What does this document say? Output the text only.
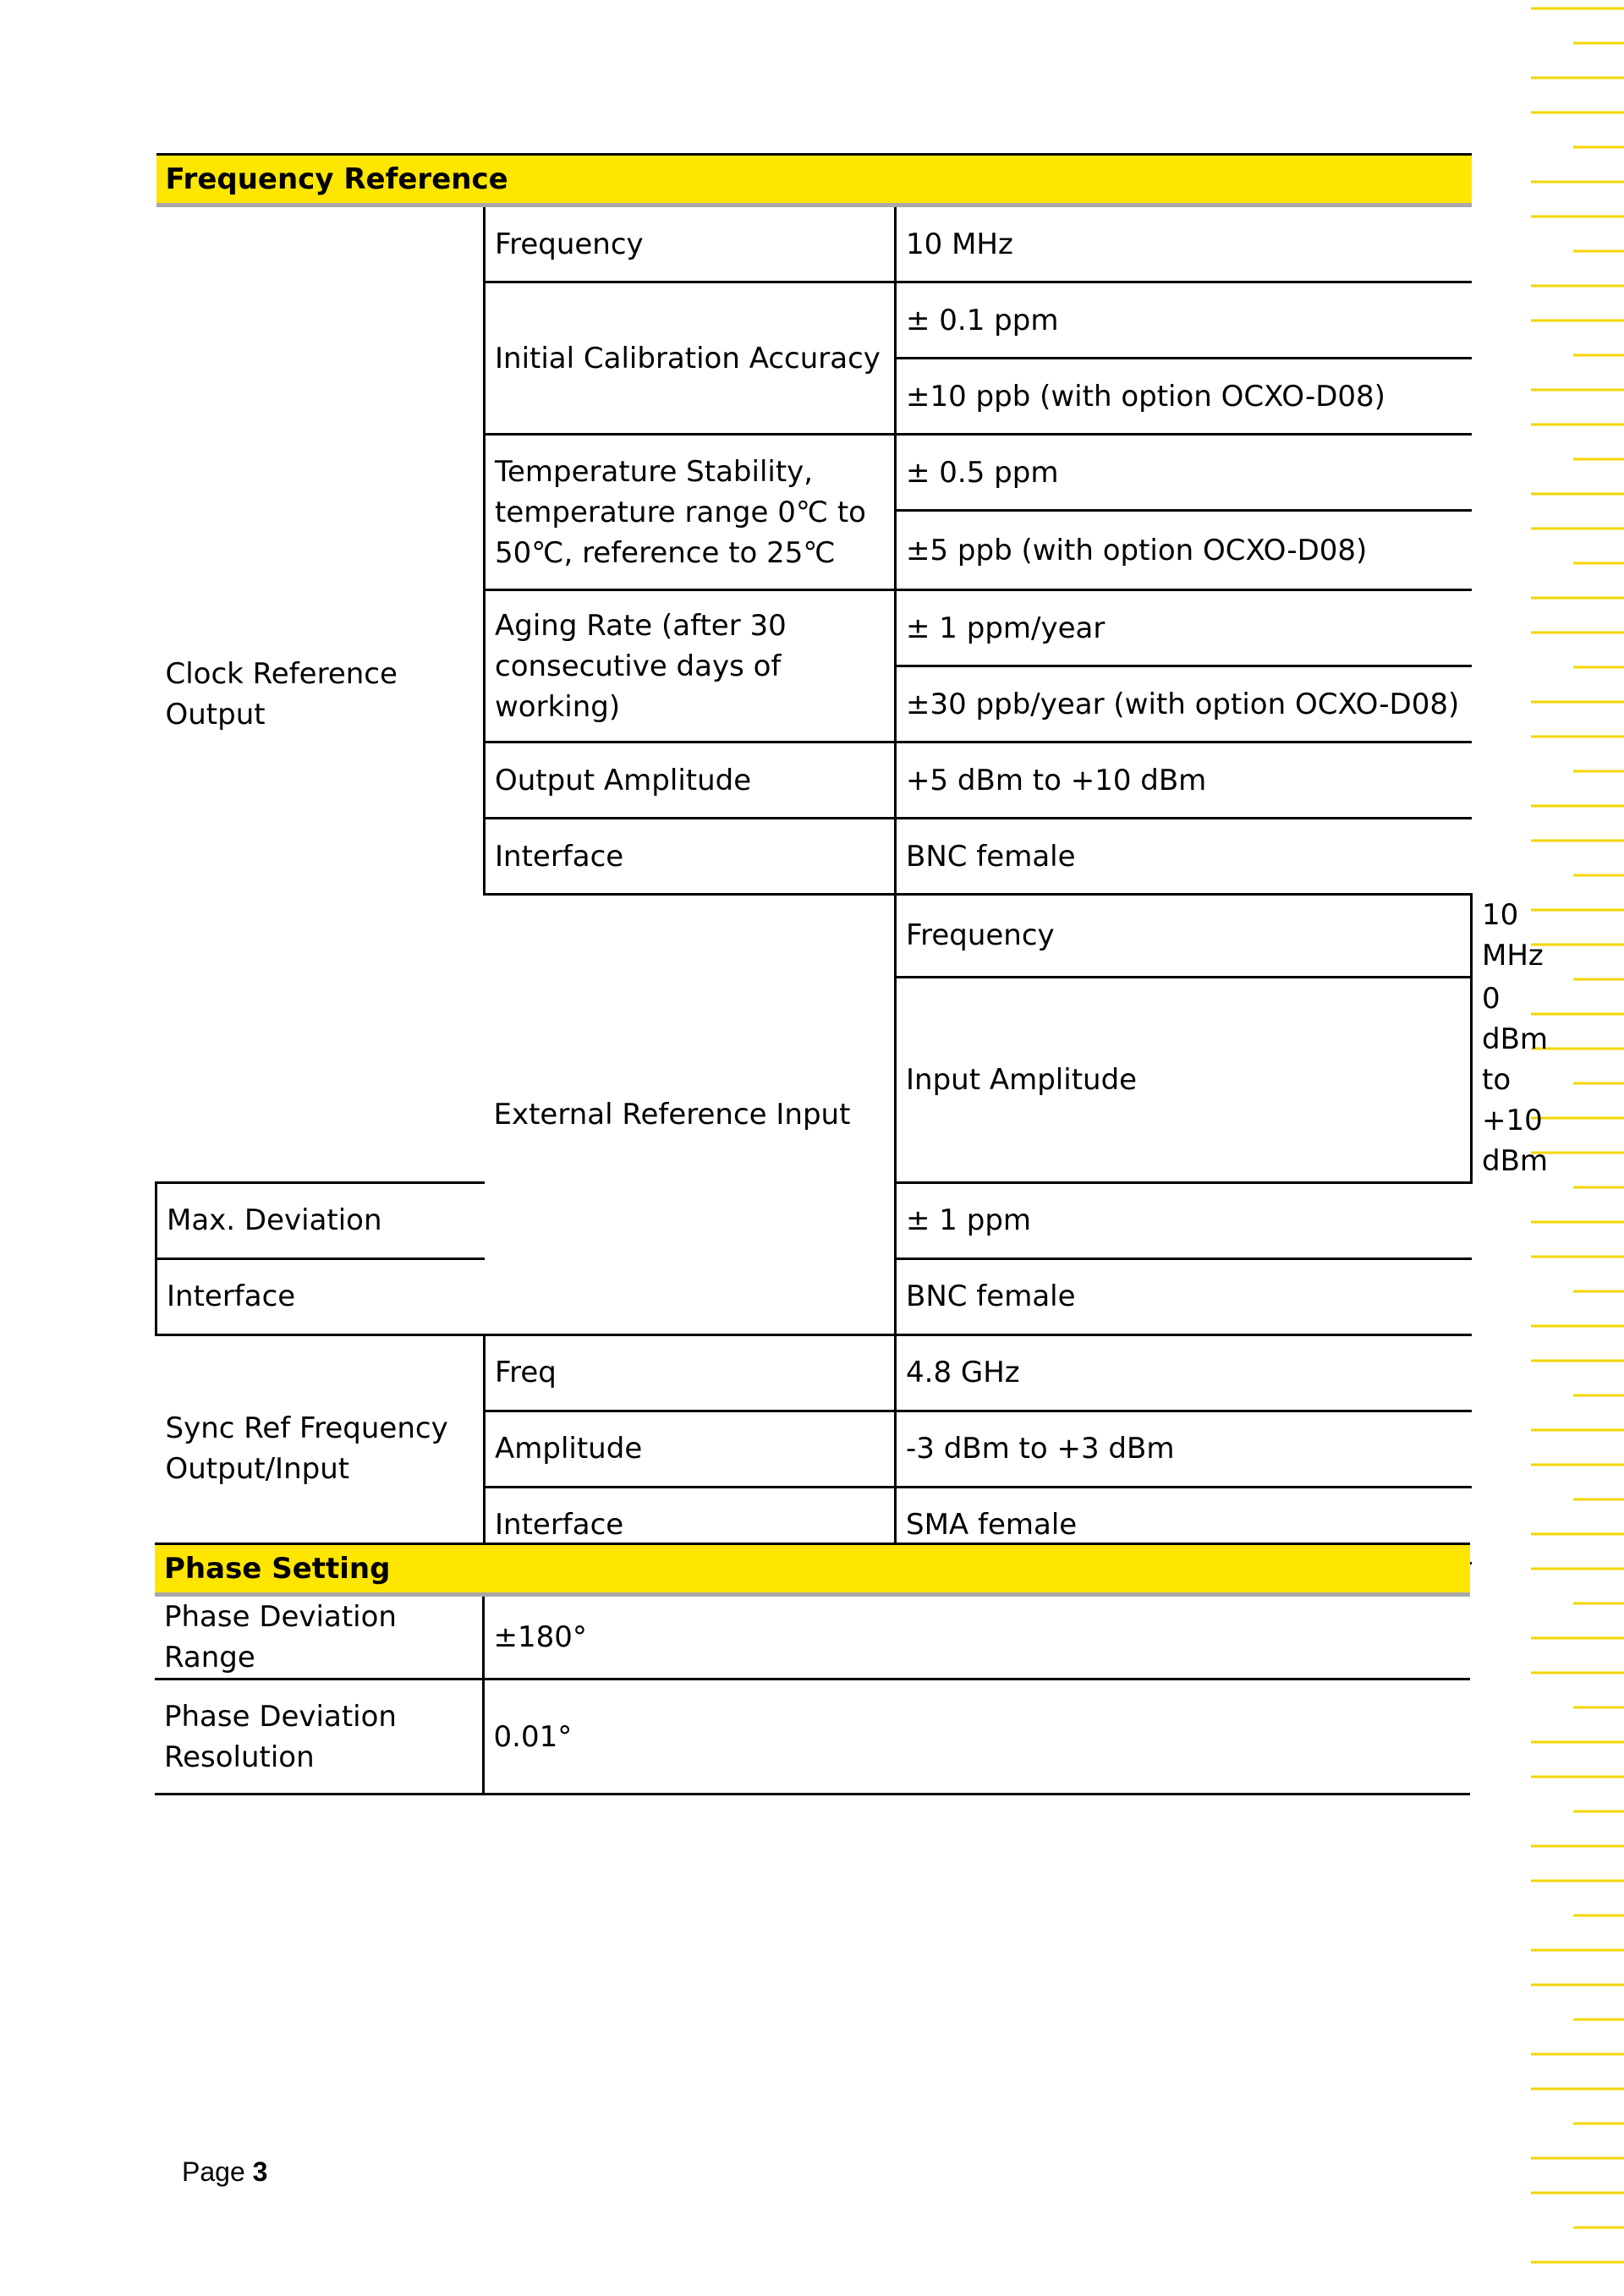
Frequency Reference			
Clock Reference Output	Frequency	10 MHz	
	Initial Calibration Accuracy	± 0.1 ppm	
		±10 ppb (with option OCXO-D08)	
	Temperature Stability, temperature range 0℃ to 50℃, reference to 25℃	± 0.5 ppm	
		±5 ppb (with option OCXO-D08)	
	Aging Rate (after 30 consecutive days of working)	± 1 ppm/year	
		±30 ppb/year (with option OCXO-D08)	
	Output Amplitude	+5 dBm to +10 dBm	
	Interface	BNC female	
	External Reference Input	Frequency	10 MHz
		Input Amplitude	0 dBm to +10 dBm
Max. Deviation		± 1 ppm	
Interface		BNC female	
Sync Ref Frequency Output/Input	Freq	4.8 GHz	
	Amplitude	-3 dBm to +3 dBm	
	Interface	SMA female	
Phase Setting	
Phase Deviation Range	±180°
Phase Deviation Resolution	0.01°
Page 3
